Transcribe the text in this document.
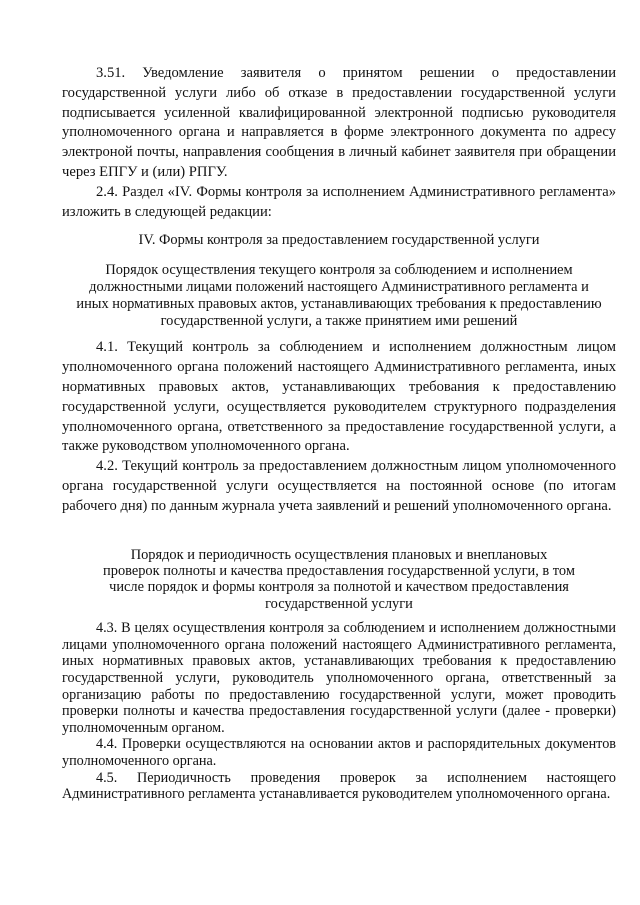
3.51. Уведомление заявителя о принятом решении о предоставлении государственной услуги либо об отказе в предоставлении государственной услуги подписывается усиленной квалифицированной электронной подписью руководителя уполномоченного органа и направляется в форме электронного документа по адресу электроной почты, направления сообщения в личный кабинет заявителя при обращении через ЕПГУ и (или) РПГУ.

2.4. Раздел «IV. Формы контроля за исполнением Административного регламента» изложить в следующей редакции:

IV. Формы контроля за предоставлением государственной услуги

Порядок осуществления текущего контроля за соблюдением и исполнением должностными лицами положений настоящего Административного регламента и иных нормативных правовых актов, устанавливающих требования к предоставлению государственной услуги, а также принятием ими решений

4.1. Текущий контроль за соблюдением и исполнением должностным лицом уполномоченного органа положений настоящего Административного регламента, иных нормативных правовых актов, устанавливающих требования к предоставлению государственной услуги, осуществляется руководителем структурного подразделения уполномоченного органа, ответственного за предоставление государственной услуги, а также руководством уполномоченного органа.

4.2. Текущий контроль за предоставлением должностным лицом уполномоченного органа государственной услуги осуществляется на постоянной основе (по итогам рабочего дня) по данным журнала учета заявлений и решений уполномоченного органа.

Порядок и периодичность осуществления плановых и внеплановых проверок полноты и качества предоставления государственной услуги, в том числе порядок и формы контроля за полнотой и качеством предоставления государственной услуги

4.3. В целях осуществления контроля за соблюдением и исполнением должностными лицами уполномоченного органа положений настоящего Административного регламента, иных нормативных правовых актов, устанавливающих требования к предоставлению государственной услуги, руководитель уполномоченного органа, ответственный за организацию работы по предоставлению государственной услуги, может проводить проверки полноты и качества предоставления государственной услуги (далее - проверки) уполномоченным органом.

4.4. Проверки осуществляются на основании актов и распорядительных документов уполномоченного органа.

4.5. Периодичность проведения проверок за исполнением настоящего Административного регламента устанавливается руководителем уполномоченного органа.
